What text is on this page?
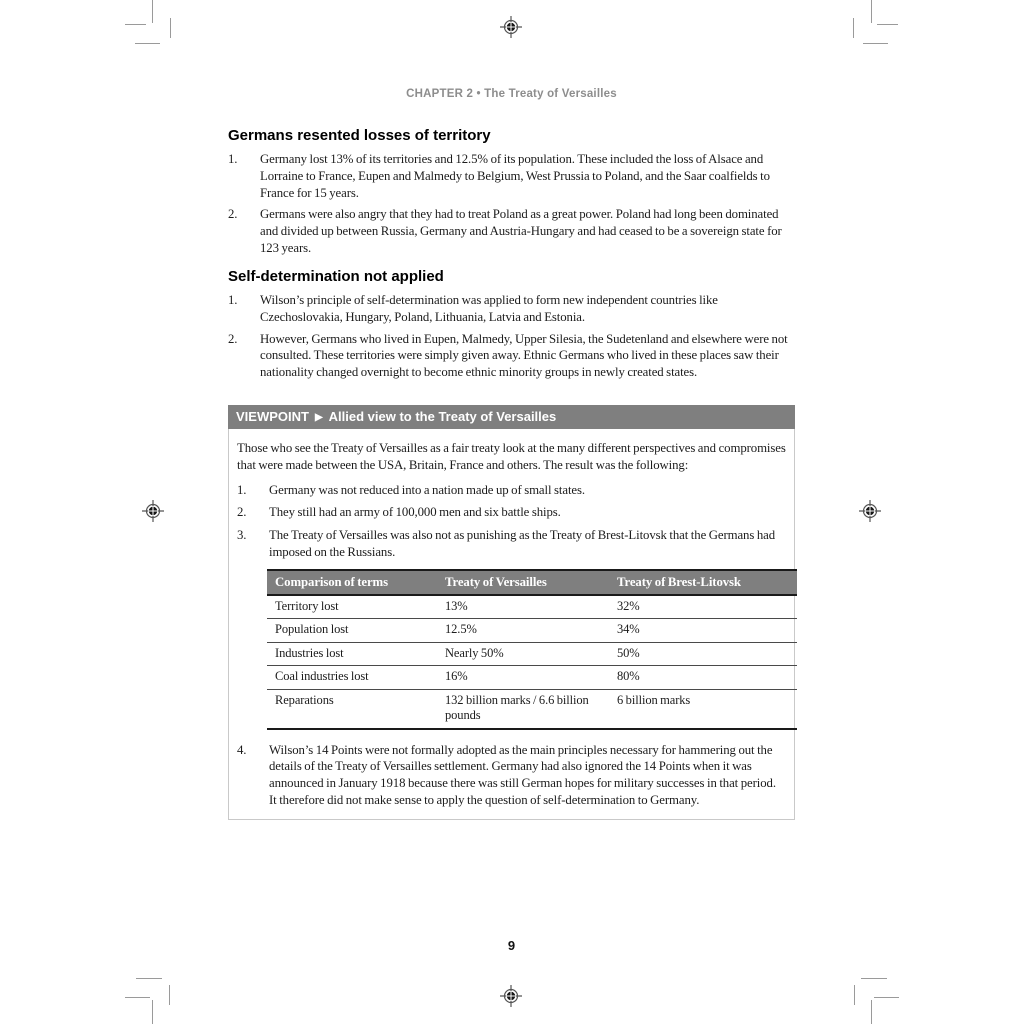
CHAPTER 2 • The Treaty of Versailles
Germans resented losses of territory
1.	Germany lost 13% of its territories and 12.5% of its population. These included the loss of Alsace and Lorraine to France, Eupen and Malmedy to Belgium, West Prussia to Poland, and the Saar coalfields to France for 15 years.
2.	Germans were also angry that they had to treat Poland as a great power. Poland had long been dominated and divided up between Russia, Germany and Austria-Hungary and had ceased to be a sovereign state for 123 years.
Self-determination not applied
1.	Wilson’s principle of self-determination was applied to form new independent countries like Czechoslovakia, Hungary, Poland, Lithuania, Latvia and Estonia.
2.	However, Germans who lived in Eupen, Malmedy, Upper Silesia, the Sudetenland and elsewhere were not consulted. These territories were simply given away. Ethnic Germans who lived in these places saw their nationality changed overnight to become ethnic minority groups in newly created states.
VIEWPOINT ▶ Allied view to the Treaty of Versailles

Those who see the Treaty of Versailles as a fair treaty look at the many different perspectives and compromises that were made between the USA, Britain, France and others. The result was the following:

1.	Germany was not reduced into a nation made up of small states.
2.	They still had an army of 100,000 men and six battle ships.
3.	The Treaty of Versailles was also not as punishing as the Treaty of Brest-Litovsk that the Germans had imposed on the Russians.
Comparison of terms	Treaty of Versailles	Treaty of Brest-Litovsk
Territory lost	13%	32%
Population lost	12.5%	34%
Industries lost	Nearly 50%	50%
Coal industries lost	16%	80%
Reparations	132 billion marks / 6.6 billion pounds	6 billion marks
4.	Wilson’s 14 Points were not formally adopted as the main principles necessary for hammering out the details of the Treaty of Versailles settlement. Germany had also ignored the 14 Points when it was announced in January 1918 because there was still German hopes for military successes in that period. It therefore did not make sense to apply the question of self-determination to Germany.
9
